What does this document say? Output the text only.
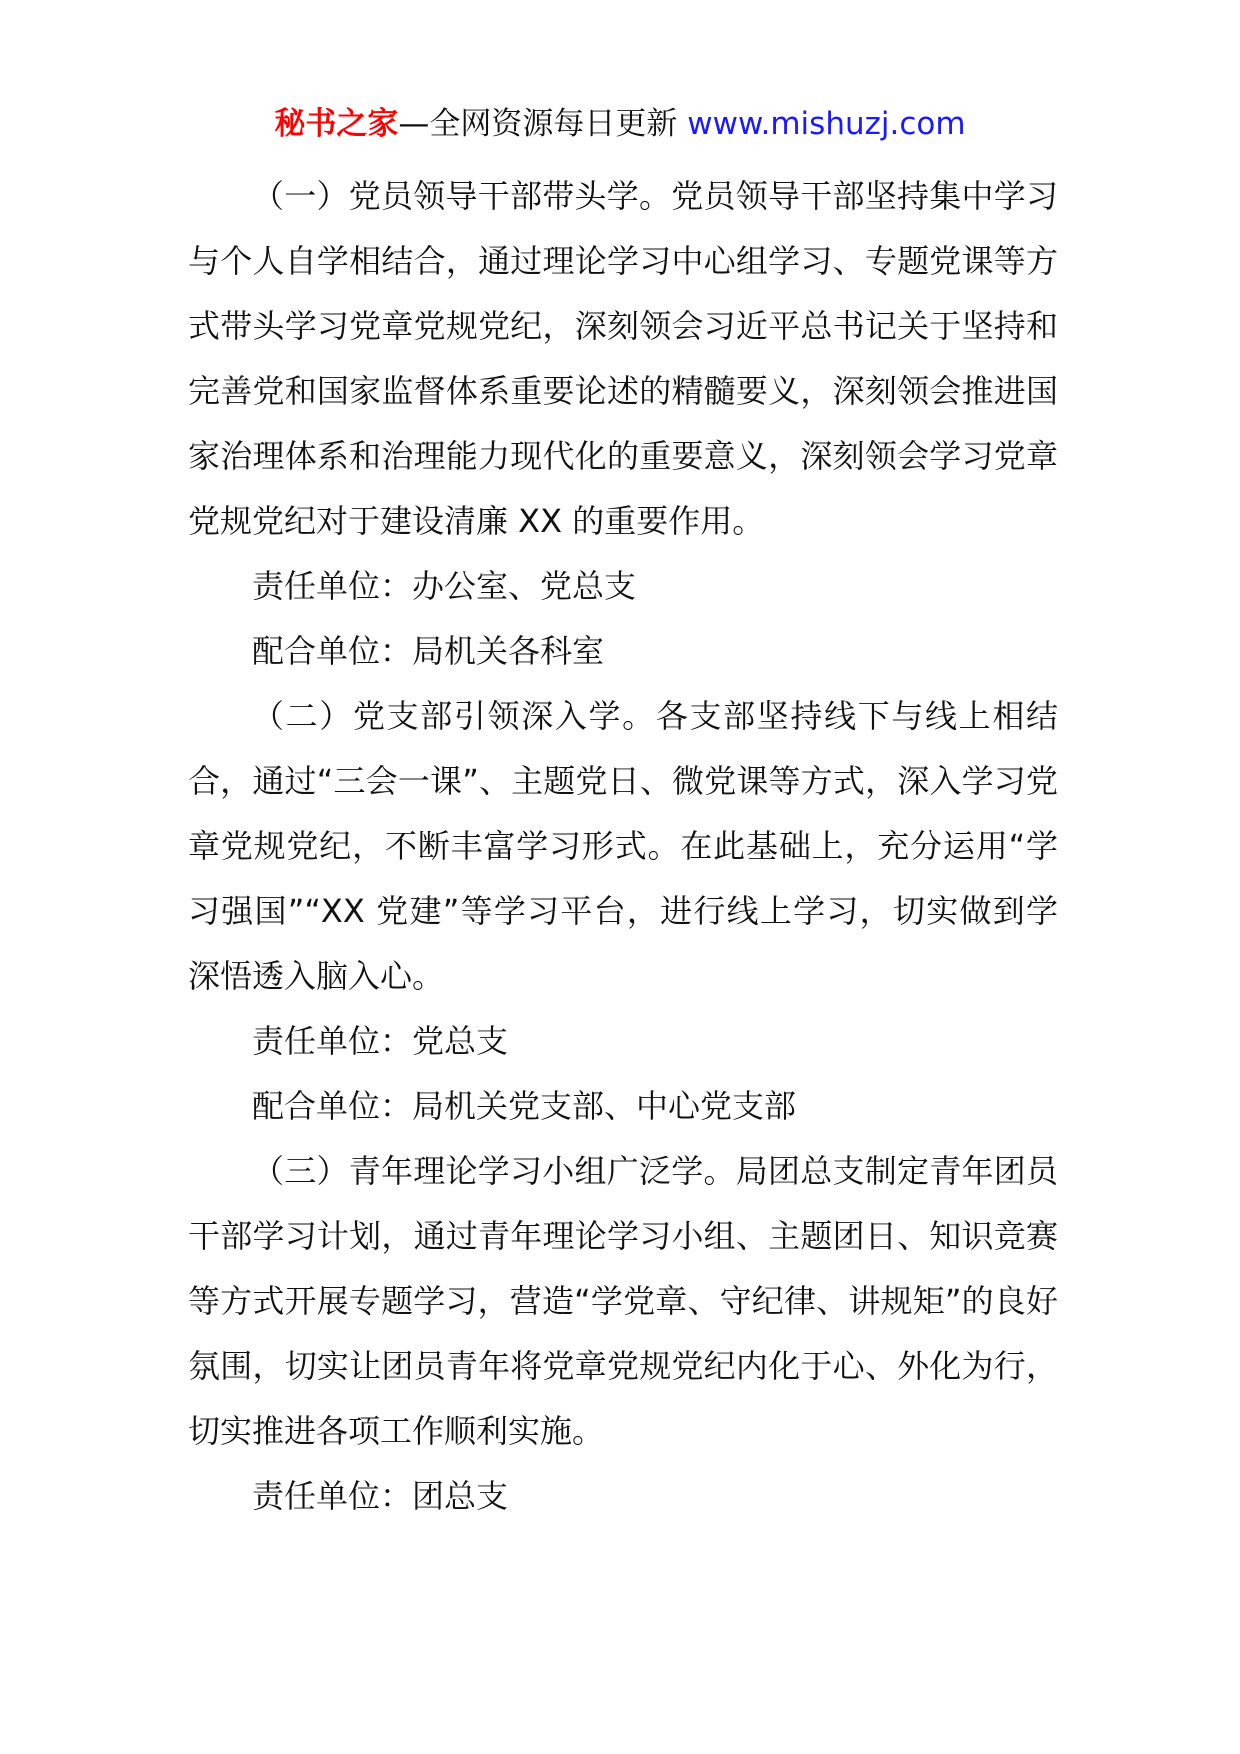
秘书之家—全网资源每日更新 www.mishuzj.com

（一）党员领导干部带头学。党员领导干部坚持集中学习与个人自学相结合，通过理论学习中心组学习、专题党课等方式带头学习党章党规党纪，深刻领会习近平总书记关于坚持和完善党和国家监督体系重要论述的精髓要义，深刻领会推进国家治理体系和治理能力现代化的重要意义，深刻领会学习党章党规党纪对于建设清廉 XX 的重要作用。

责任单位：办公室、党总支

配合单位：局机关各科室

（二）党支部引领深入学。各支部坚持线下与线上相结合，通过“三会一课”、主题党日、微党课等方式，深入学习党章党规党纪，不断丰富学习形式。在此基础上，充分运用“学习强国”“XX 党建”等学习平台，进行线上学习，切实做到学深悟透入脑入心。

责任单位：党总支

配合单位：局机关党支部、中心党支部

（三）青年理论学习小组广泛学。局团总支制定青年团员干部学习计划，通过青年理论学习小组、主题团日、知识竞赛等方式开展专题学习，营造“学党章、守纪律、讲规矩”的良好氛围，切实让团员青年将党章党规党纪内化于心、外化为行，切实推进各项工作顺利实施。

责任单位：团总支
